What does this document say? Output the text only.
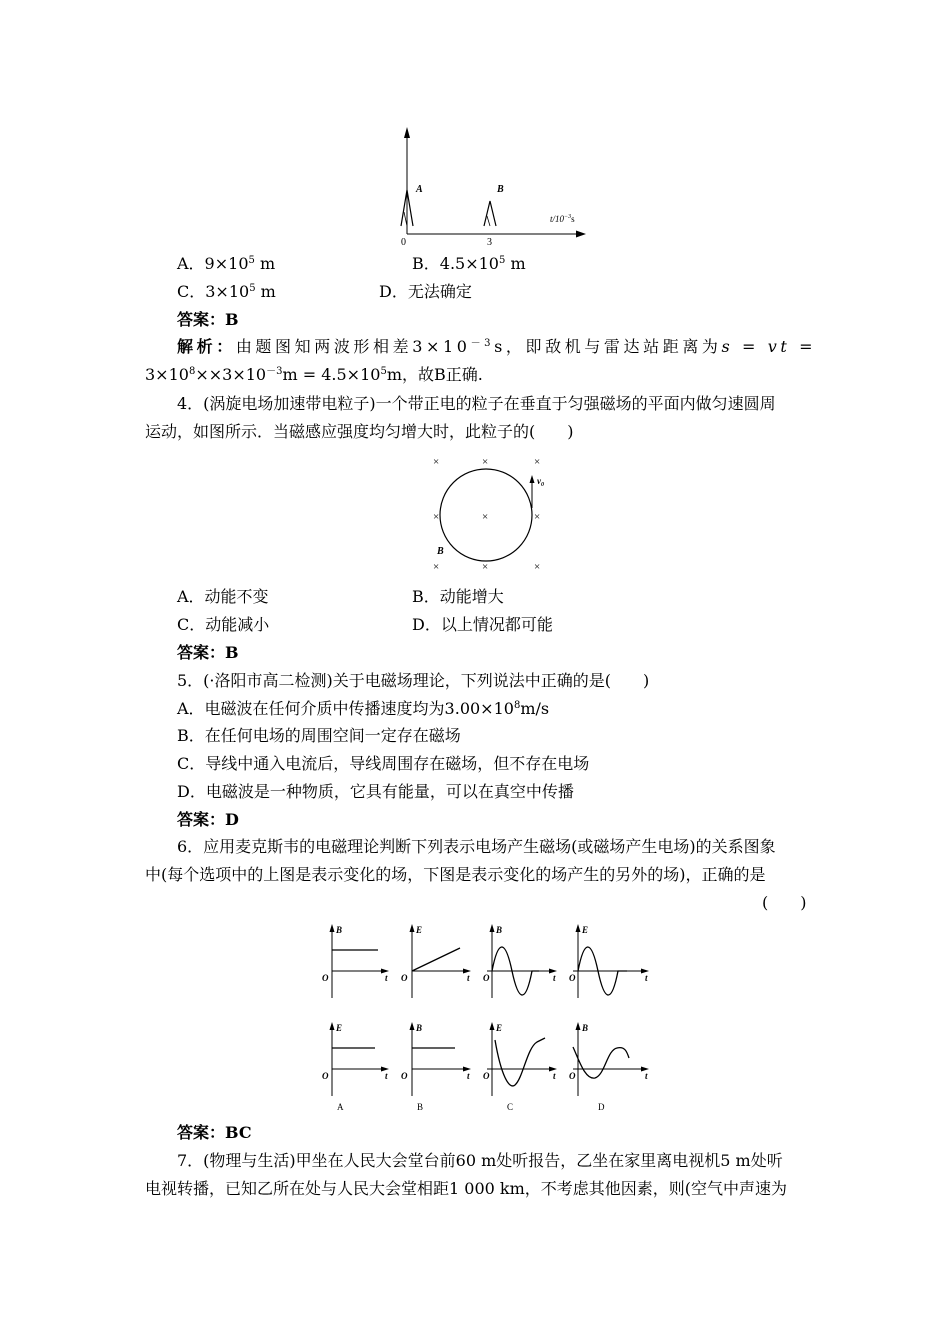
A	B
0	3
$t/10^{-3}s$
A．$9\times 10^5$ m	B．$4.5\times 10^5$ m
C．$3\times 10^5$ m	D．无法确定
答案：B
解析：由题图知两波形相差$3\times 10^{-3}s$，即敌机与雷达站距离为s = vt =
$3\times 10^8\times\times 3\times 10^{-3}m = 4.5\times 10^5m$，故B正确.
4．(涡旋电场加速带电粒子)一个带正电的粒子在垂直于匀强磁场的平面内做匀速圆周
运动，如图所示．当磁感应强度均匀增大时，此粒子的(　　)
×	×	×
×	×	×
×	×	×
$v_0$
B
A．动能不变	B．动能增大
C．动能减小	D．以上情况都可能
答案：B
5．(·洛阳市高二检测)关于电磁场理论，下列说法中正确的是(　　)
A．电磁波在任何介质中传播速度均为$3.00\times 10^8m/s$
B．在任何电场的周围空间一定存在磁场
C．导线中通入电流后，导线周围存在磁场，但不存在电场
D．电磁波是一种物质，它具有能量，可以在真空中传播
答案：D
6．应用麦克斯韦的电磁理论判断下列表示电场产生磁场(或磁场产生电场)的关系图象
中(每个选项中的上图是表示变化的场，下图是表示变化的场产生的另外的场)，正确的是
(　　)
B	E	B	E
E	B	E	B
O	O	O	O
O	O	O	O
t	t	t	t
t	t	t	t
A	B	C	D
答案：BC
7．(物理与生活)甲坐在人民大会堂台前60 m处听报告，乙坐在家里离电视机5 m处听
电视转播，已知乙所在处与人民大会堂相距1 000 km，不考虑其他因素，则(空气中声速为
